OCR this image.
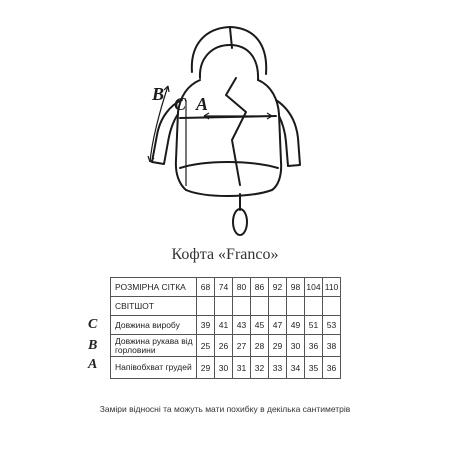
B C A
Кофта «Franco»
РОЗМІРНА СІТКА	68	74	80	86	92	98	104	110
СВІТШОТ								
Довжина виробу	39	41	43	45	47	49	51	53
Довжина рукава від горловини	25	26	27	28	29	30	36	38
Напівобхват грудей	29	30	31	32	33	34	35	36
C
B
A
Заміри відносні та можуть мати похибку в декілька сантиметрів
